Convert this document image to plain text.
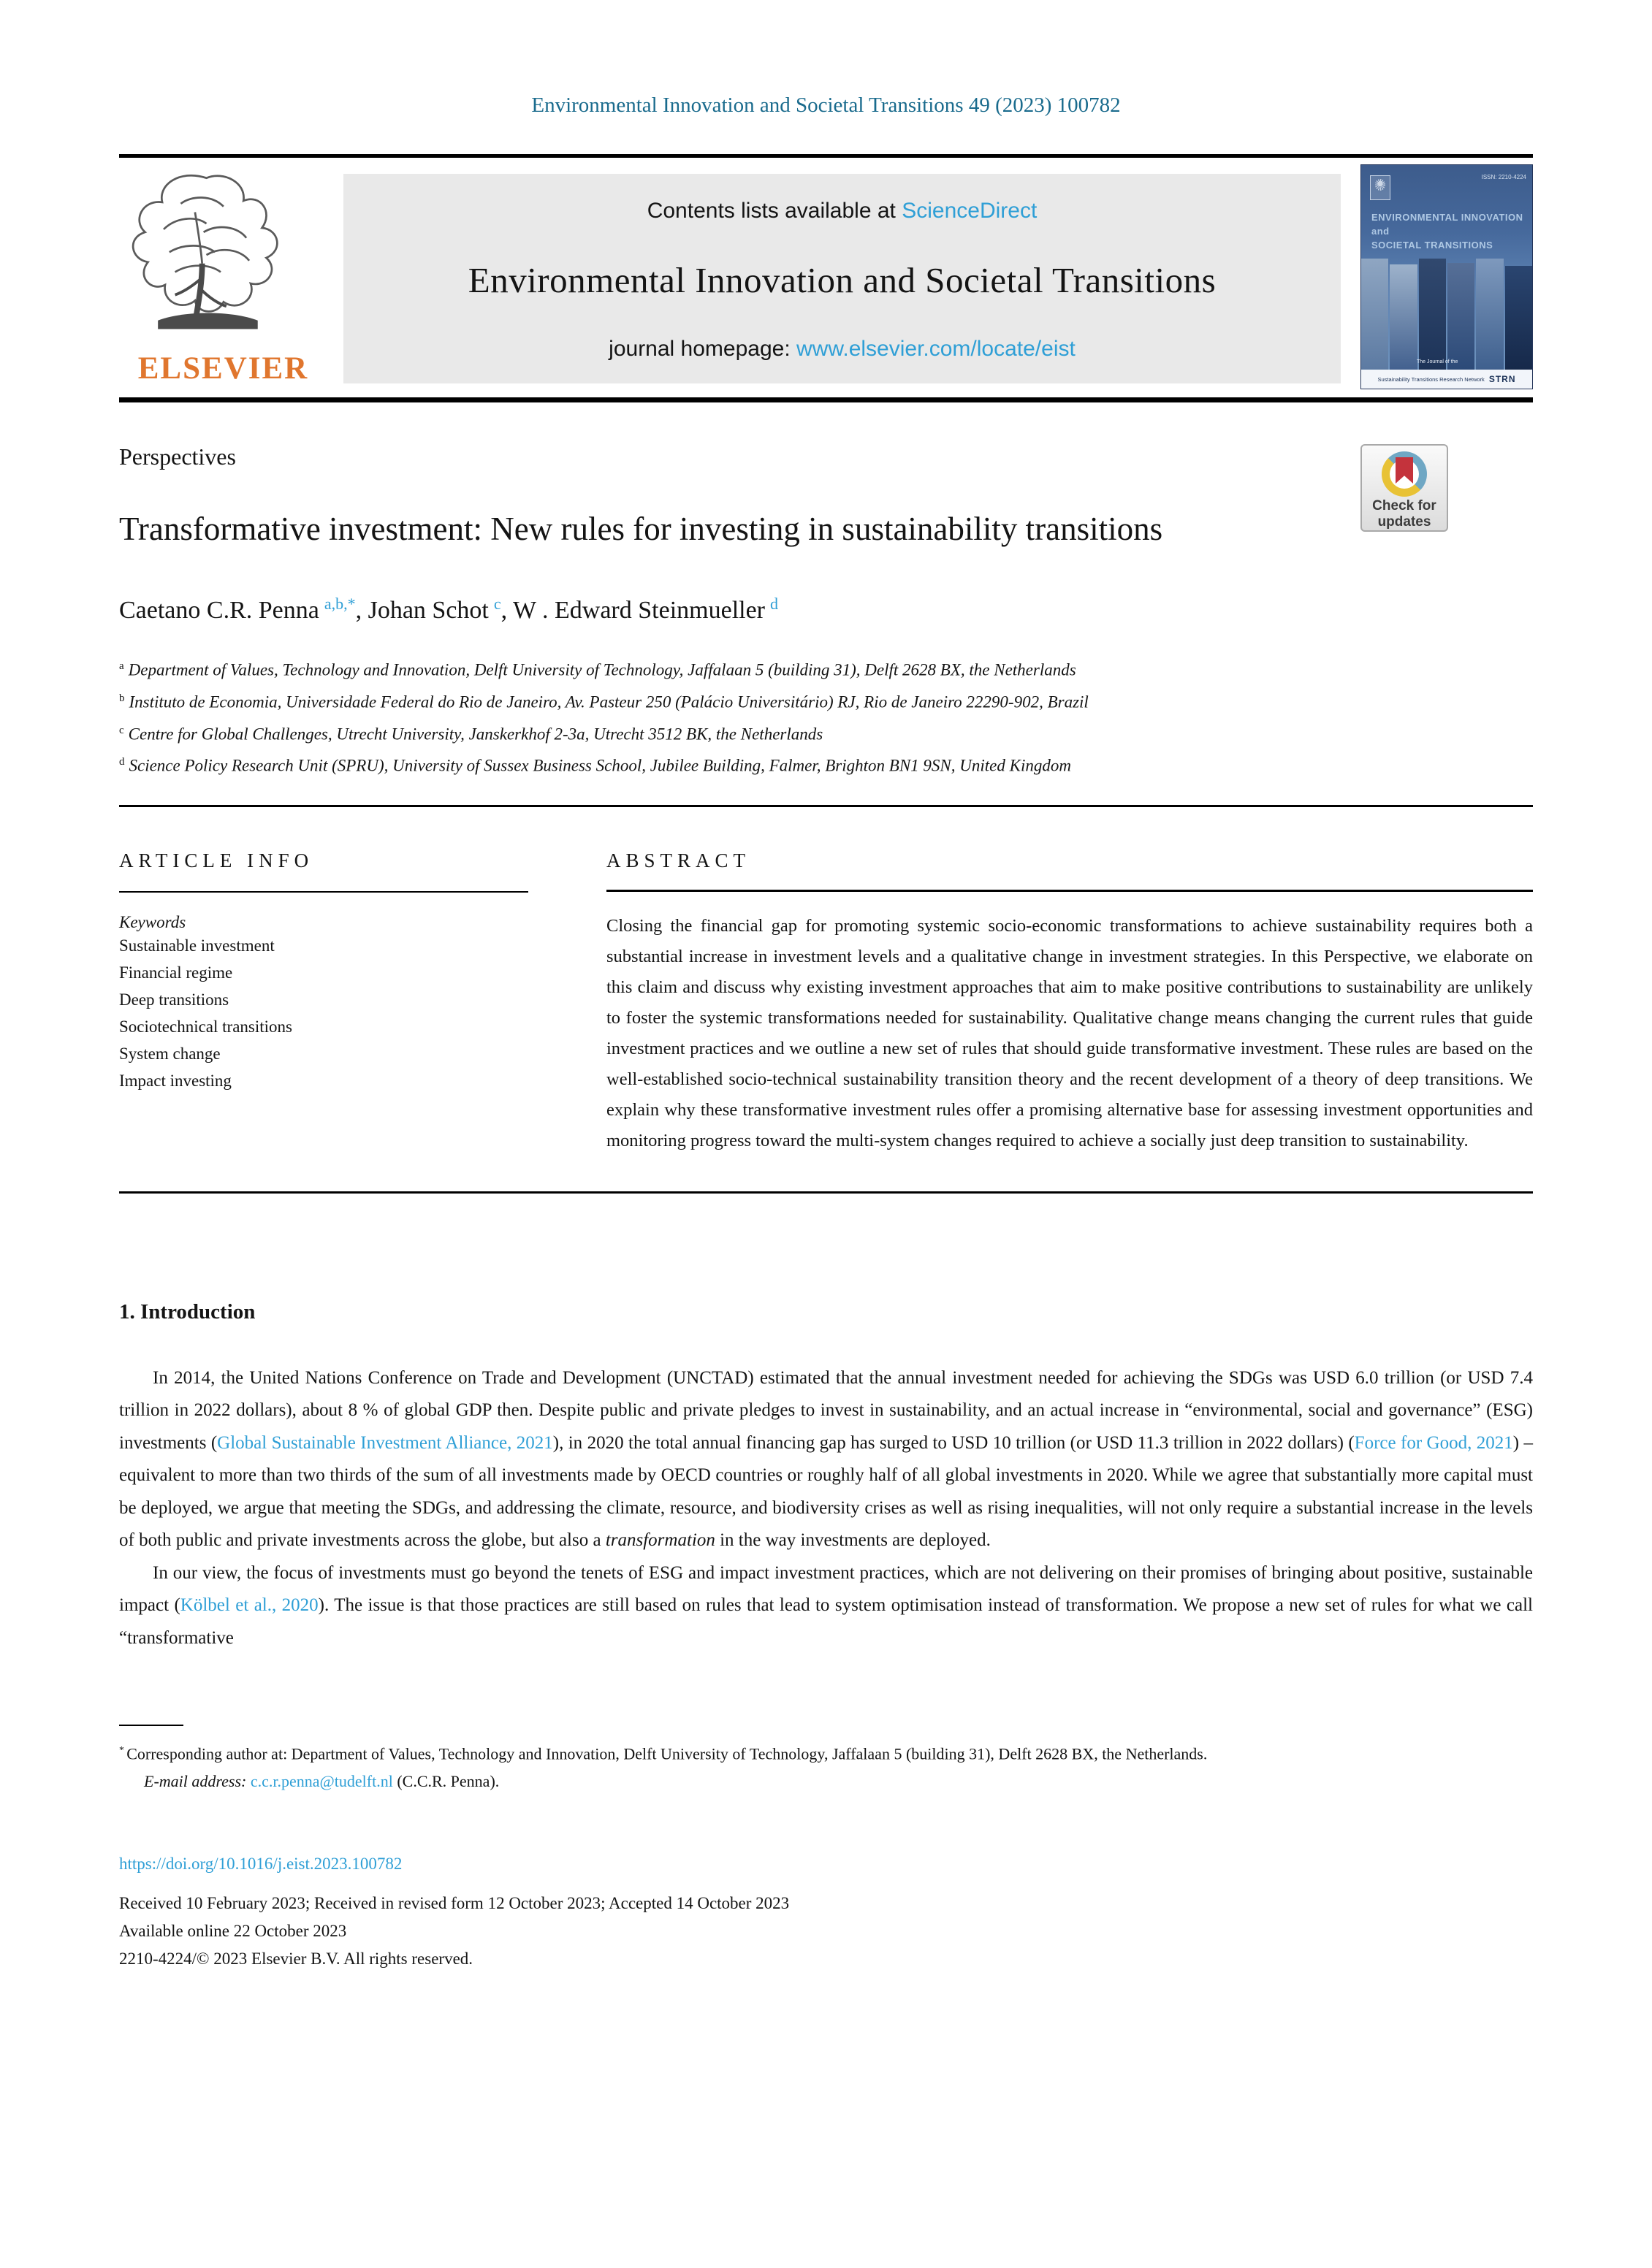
Environmental Innovation and Societal Transitions 49 (2023) 100782
ELSEVIER
Contents lists available at ScienceDirect
Environmental Innovation and Societal Transitions
journal homepage: www.elsevier.com/locate/eist
Perspectives
Transformative investment: New rules for investing in sustainability transitions
Caetano C.R. Penna $^{a,b,*}$, Johan Schot $^c$, W . Edward Steinmueller $^d$
$^a$ Department of Values, Technology and Innovation, Delft University of Technology, Jaffalaan 5 (building 31), Delft 2628 BX, the Netherlands
$^b$ Instituto de Economia, Universidade Federal do Rio de Janeiro, Av. Pasteur 250 (Palácio Universitário) RJ, Rio de Janeiro 22290-902, Brazil
$^c$ Centre for Global Challenges, Utrecht University, Janskerkhof 2-3a, Utrecht 3512 BK, the Netherlands
$^d$ Science Policy Research Unit (SPRU), University of Sussex Business School, Jubilee Building, Falmer, Brighton BN1 9SN, United Kingdom
ARTICLE INFO
Keywords
Sustainable investment
Financial regime
Deep transitions
Sociotechnical transitions
System change
Impact investing
ABSTRACT
Closing the financial gap for promoting systemic socio-economic transformations to achieve sustainability requires both a substantial increase in investment levels and a qualitative change in investment strategies. In this Perspective, we elaborate on this claim and discuss why existing investment approaches that aim to make positive contributions to sustainability are unlikely to foster the systemic transformations needed for sustainability. Qualitative change means changing the current rules that guide investment practices and we outline a new set of rules that should guide transformative investment. These rules are based on the well-established socio-technical sustainability transition theory and the recent development of a theory of deep transitions. We explain why these transformative investment rules offer a promising alternative base for assessing investment opportunities and monitoring progress toward the multi-system changes required to achieve a socially just deep transition to sustainability.
1. Introduction
In 2014, the United Nations Conference on Trade and Development (UNCTAD) estimated that the annual investment needed for achieving the SDGs was USD 6.0 trillion (or USD 7.4 trillion in 2022 dollars), about 8 % of global GDP then. Despite public and private pledges to invest in sustainability, and an actual increase in “environmental, social and governance” (ESG) investments (Global Sustainable Investment Alliance, 2021), in 2020 the total annual financing gap has surged to USD 10 trillion (or USD 11.3 trillion in 2022 dollars) (Force for Good, 2021) – equivalent to more than two thirds of the sum of all investments made by OECD countries or roughly half of all global investments in 2020. While we agree that substantially more capital must be deployed, we argue that meeting the SDGs, and addressing the climate, resource, and biodiversity crises as well as rising inequalities, will not only require a substantial increase in the levels of both public and private investments across the globe, but also a transformation in the way investments are deployed.
In our view, the focus of investments must go beyond the tenets of ESG and impact investment practices, which are not delivering on their promises of bringing about positive, sustainable impact (Kölbel et al., 2020). The issue is that those practices are still based on rules that lead to system optimisation instead of transformation. We propose a new set of rules for what we call “transformative
* Corresponding author at: Department of Values, Technology and Innovation, Delft University of Technology, Jaffalaan 5 (building 31), Delft 2628 BX, the Netherlands.
E-mail address: c.c.r.penna@tudelft.nl (C.C.R. Penna).
https://doi.org/10.1016/j.eist.2023.100782
Received 10 February 2023; Received in revised form 12 October 2023; Accepted 14 October 2023
Available online 22 October 2023
2210-4224/© 2023 Elsevier B.V. All rights reserved.
ISSN: 2210-4224
ENVIRONMENTAL INNOVATION and
SOCIETAL TRANSITIONS
The Journal of the
Sustainability Transitions Research Network STRN
Check for
updates
